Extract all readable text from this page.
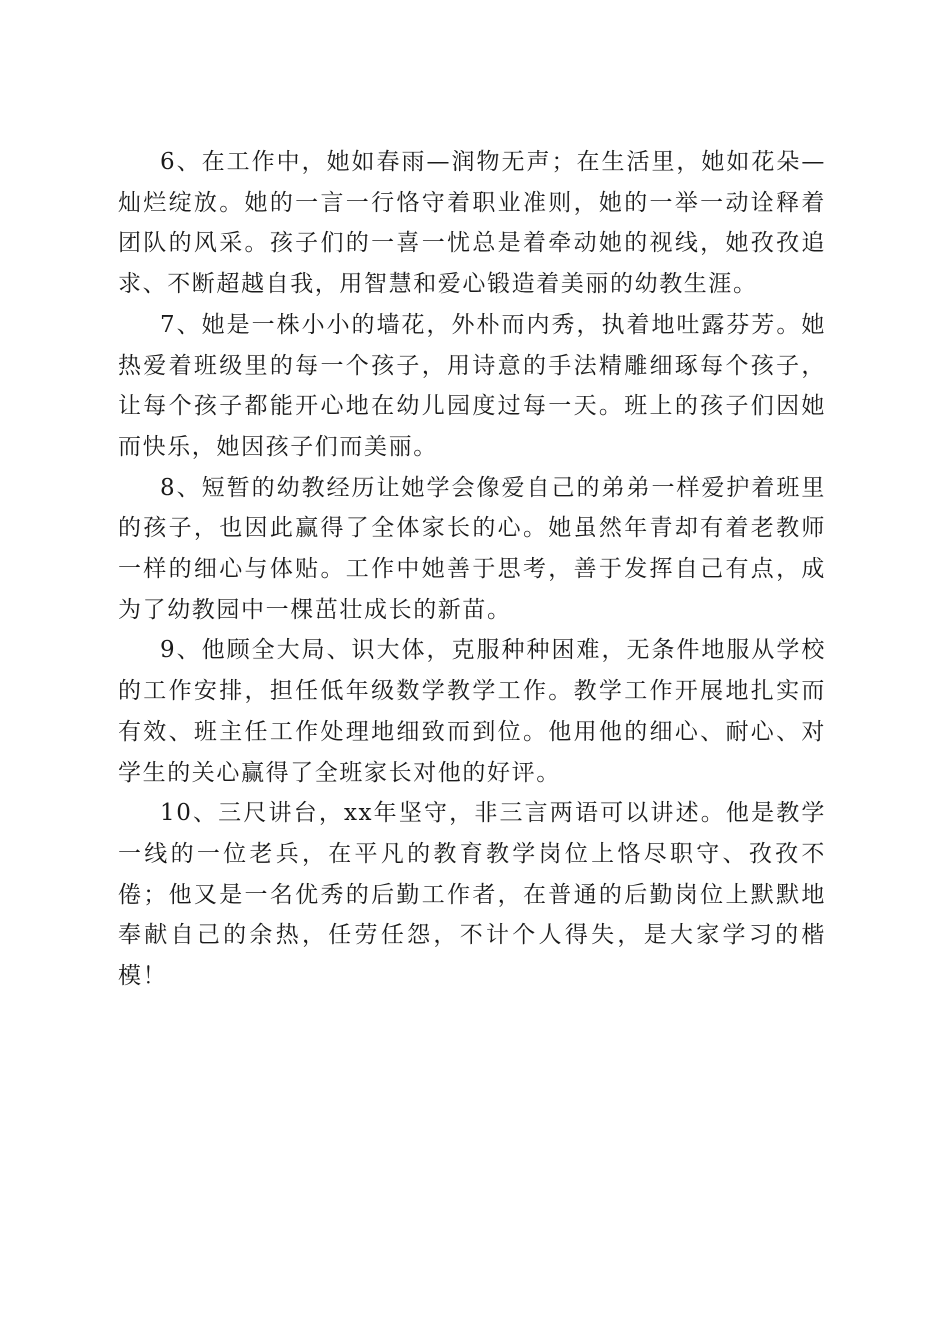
6、在工作中，她如春雨—润物无声；在生活里，她如花朵—灿烂绽放。她的一言一行恪守着职业准则，她的一举一动诠释着团队的风采。孩子们的一喜一忧总是着牵动她的视线，她孜孜追求、不断超越自我，用智慧和爱心锻造着美丽的幼教生涯。

7、她是一株小小的墙花，外朴而内秀，执着地吐露芬芳。她热爱着班级里的每一个孩子，用诗意的手法精雕细琢每个孩子，让每个孩子都能开心地在幼儿园度过每一天。班上的孩子们因她而快乐，她因孩子们而美丽。

8、短暂的幼教经历让她学会像爱自己的弟弟一样爱护着班里的孩子，也因此赢得了全体家长的心。她虽然年青却有着老教师一样的细心与体贴。工作中她善于思考，善于发挥自己有点，成为了幼教园中一棵茁壮成长的新苗。

9、他顾全大局、识大体，克服种种困难，无条件地服从学校的工作安排，担任低年级数学教学工作。教学工作开展地扎实而有效、班主任工作处理地细致而到位。他用他的细心、耐心、对学生的关心赢得了全班家长对他的好评。

10、三尺讲台，xx年坚守，非三言两语可以讲述。他是教学一线的一位老兵，在平凡的教育教学岗位上恪尽职守、孜孜不倦；他又是一名优秀的后勤工作者，在普通的后勤岗位上默默地奉献自己的余热，任劳任怨，不计个人得失，是大家学习的楷模！
